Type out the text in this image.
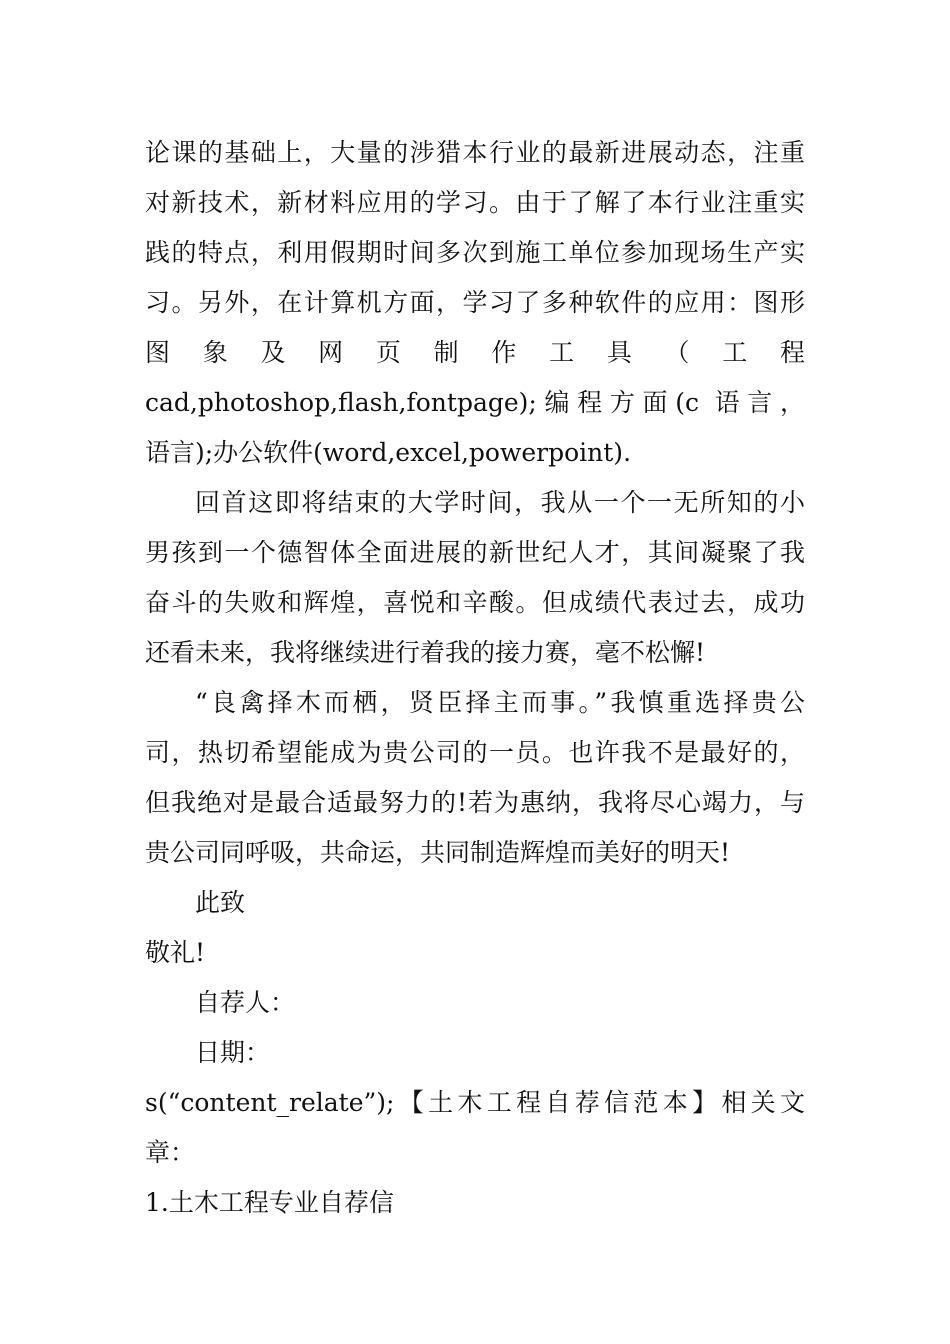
论课的基础上，大量的涉猎本行业的最新进展动态，注重
对新技术，新材料应用的学习。由于了解了本行业注重实
践的特点，利用假期时间多次到施工单位参加现场生产实
习。另外，在计算机方面，学习了多种软件的应用：图形
图 象 及 网 页 制 作 工 具 （ 工 程
cad,photoshop,flash,fontpage);编程方面(c 语言，
语言);办公软件(word,excel,powerpoint).
回首这即将结束的大学时间，我从一个一无所知的小
男孩到一个德智体全面进展的新世纪人才，其间凝聚了我
奋斗的失败和辉煌，喜悦和辛酸。但成绩代表过去，成功
还看未来，我将继续进行着我的接力赛，毫不松懈!
“良禽择木而栖，贤臣择主而事。”我慎重选择贵公
司，热切希望能成为贵公司的一员。也许我不是最好的，
但我绝对是最合适最努力的!若为惠纳，我将尽心竭力，与
贵公司同呼吸，共命运，共同制造辉煌而美好的明天!
此致
敬礼!
自荐人：
日期：
s(“content_relate”);【土木工程自荐信范本】相关文
章：
1.土木工程专业自荐信
